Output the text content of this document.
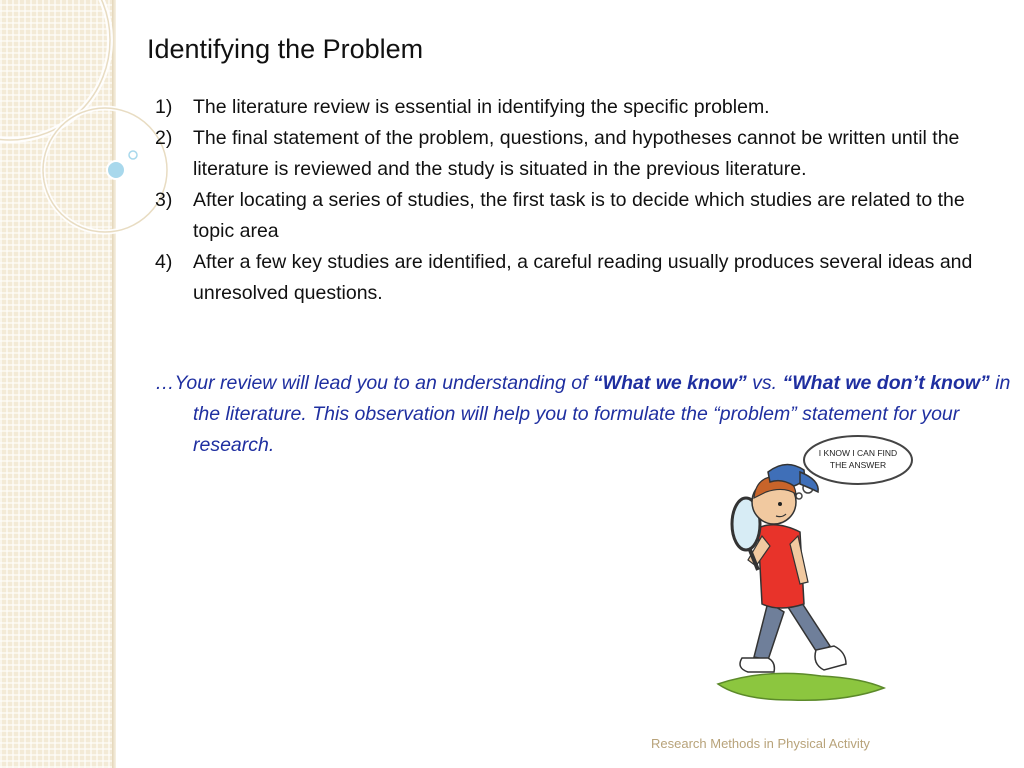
Identifying the Problem
1)	The literature review is essential in identifying the specific problem.
2)	The final statement of the problem, questions, and hypotheses cannot be written until the literature is reviewed and the study is situated in the previous literature.
3)	After locating a series of studies, the first task is to decide which studies are related to the topic area
4)	After a few key studies are identified, a careful reading usually produces several ideas and unresolved questions.
…Your review will lead you to an understanding of “What we know” vs. “What we don’t know” in the literature. This observation will help you to formulate the “problem” statement for your research.	I KNOW I CAN FIND
THE ANSWER
Research Methods in Physical Activity
